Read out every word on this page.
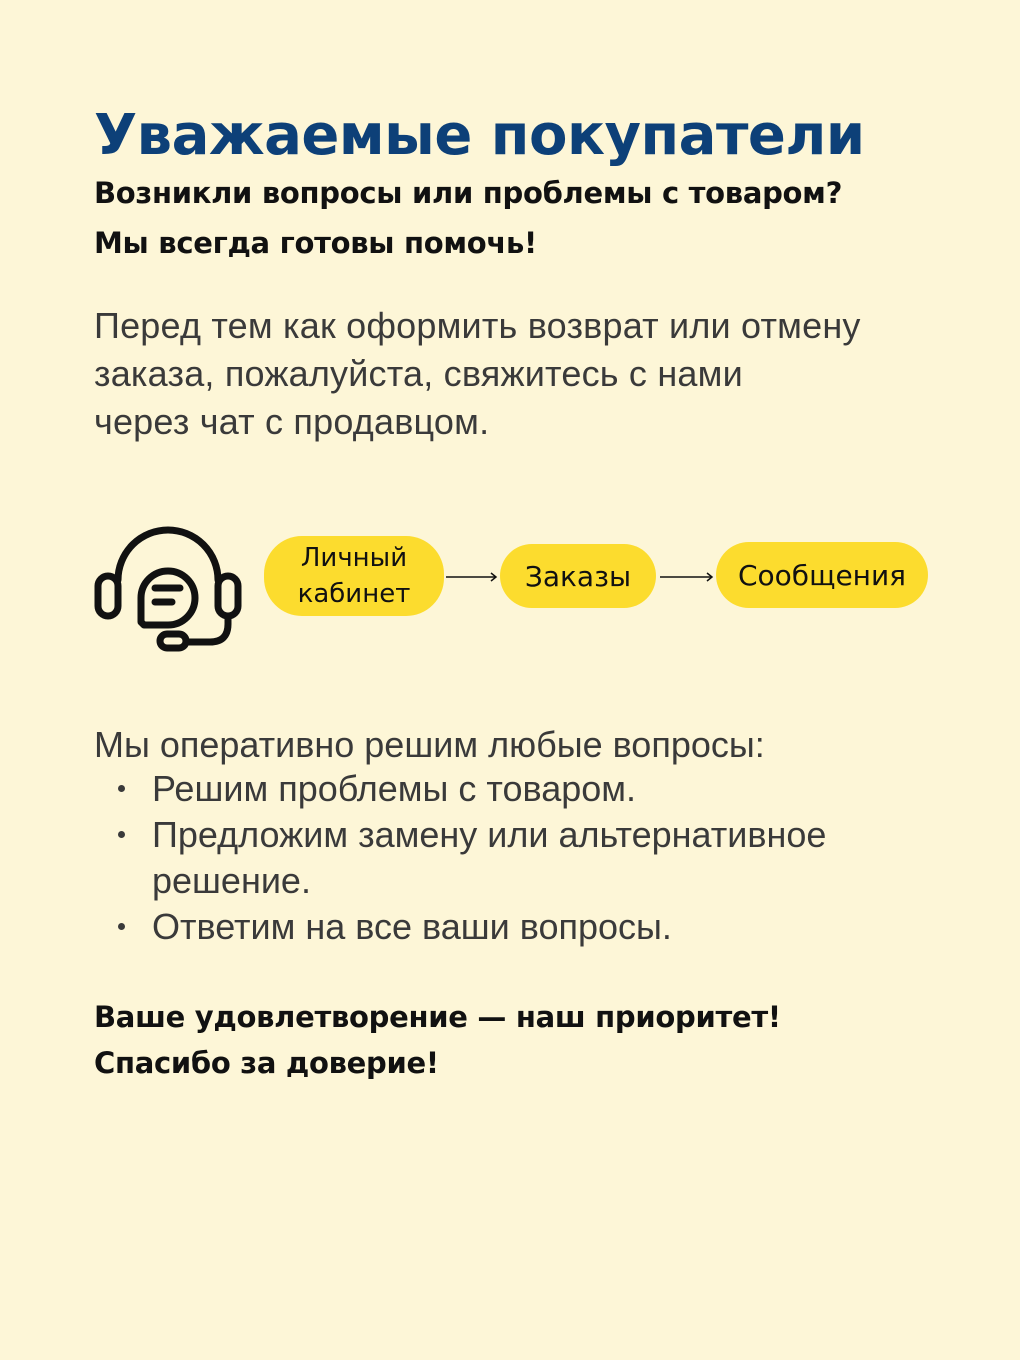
Уважаемые покупатели

Возникли вопросы или проблемы с товаром?
Мы всегда готовы помочь!

Перед тем как оформить возврат или отмену
заказа, пожалуйста, свяжитесь с нами
через чат с продавцом.

Личный
кабинет
Заказы	Сообщения

Мы оперативно решим любые вопросы:

Решим проблемы с товаром.
Предложим замену или альтернативное
решение.
Ответим на все ваши вопросы.

Ваше удовлетворение — наш приоритет!
Спасибо за доверие!
